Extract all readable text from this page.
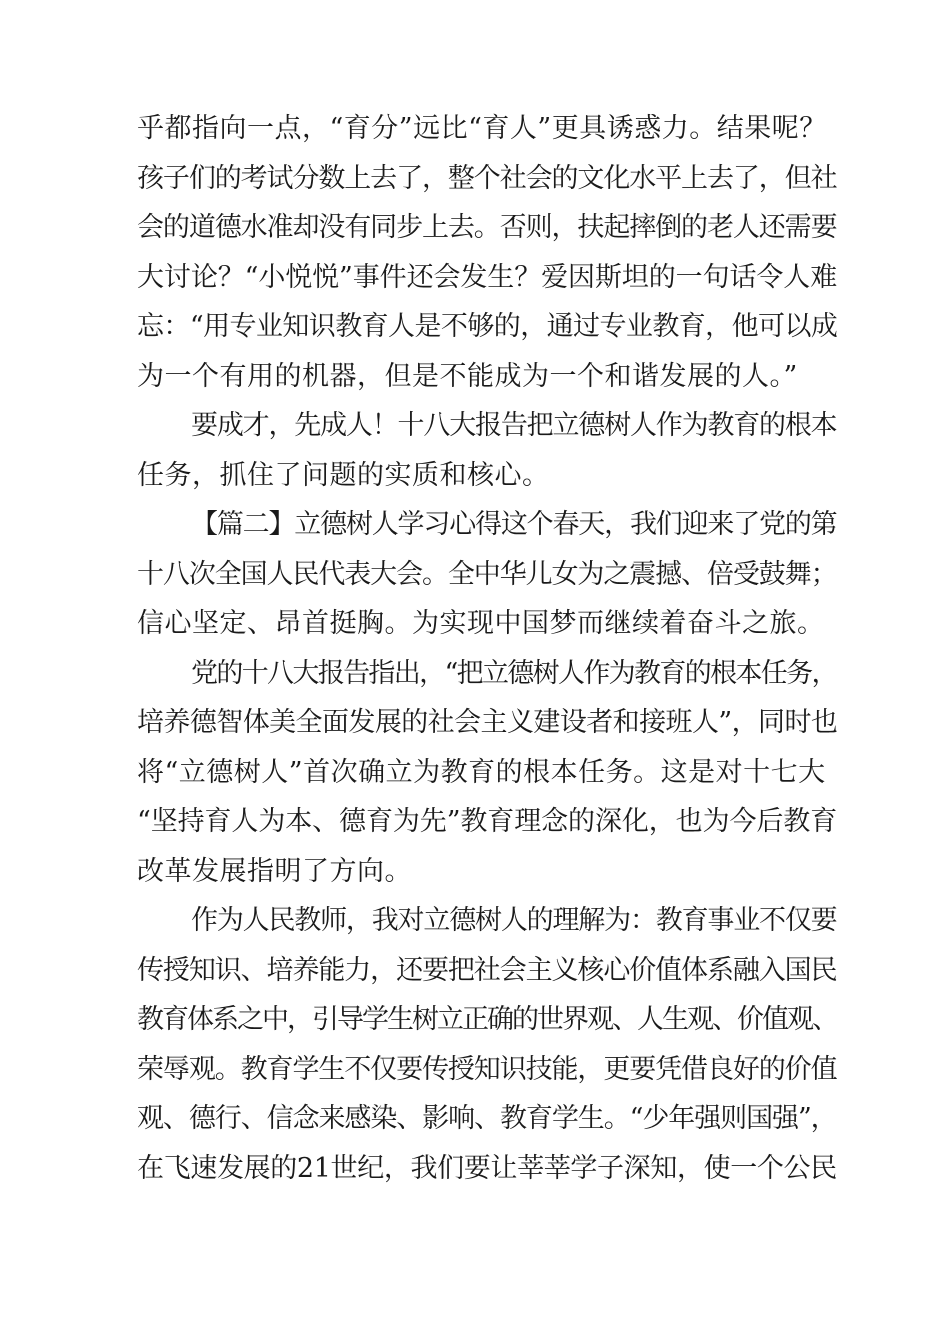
乎都指向一点，“育分”远比“育人”更具诱惑力。结果呢？
孩子们的考试分数上去了，整个社会的文化水平上去了，但社
会的道德水准却没有同步上去。否则，扶起摔倒的老人还需要
大讨论？“小悦悦”事件还会发生？爱因斯坦的一句话令人难
忘：“用专业知识教育人是不够的，通过专业教育，他可以成
为一个有用的机器，但是不能成为一个和谐发展的人。”
要成才，先成人！十八大报告把立德树人作为教育的根本
任务，抓住了问题的实质和核心。
【篇二】立德树人学习心得这个春天，我们迎来了党的第
十八次全国人民代表大会。全中华儿女为之震撼、倍受鼓舞；
信心坚定、昂首挺胸。为实现中国梦而继续着奋斗之旅。
党的十八大报告指出，“把立德树人作为教育的根本任务，
培养德智体美全面发展的社会主义建设者和接班人”，同时也
将“立德树人”首次确立为教育的根本任务。这是对十七大
“坚持育人为本、德育为先”教育理念的深化，也为今后教育
改革发展指明了方向。
作为人民教师，我对立德树人的理解为：教育事业不仅要
传授知识、培养能力，还要把社会主义核心价值体系融入国民
教育体系之中，引导学生树立正确的世界观、人生观、价值观、
荣辱观。教育学生不仅要传授知识技能，更要凭借良好的价值
观、德行、信念来感染、影响、教育学生。“少年强则国强”，
在飞速发展的21世纪，我们要让莘莘学子深知，使一个公民
